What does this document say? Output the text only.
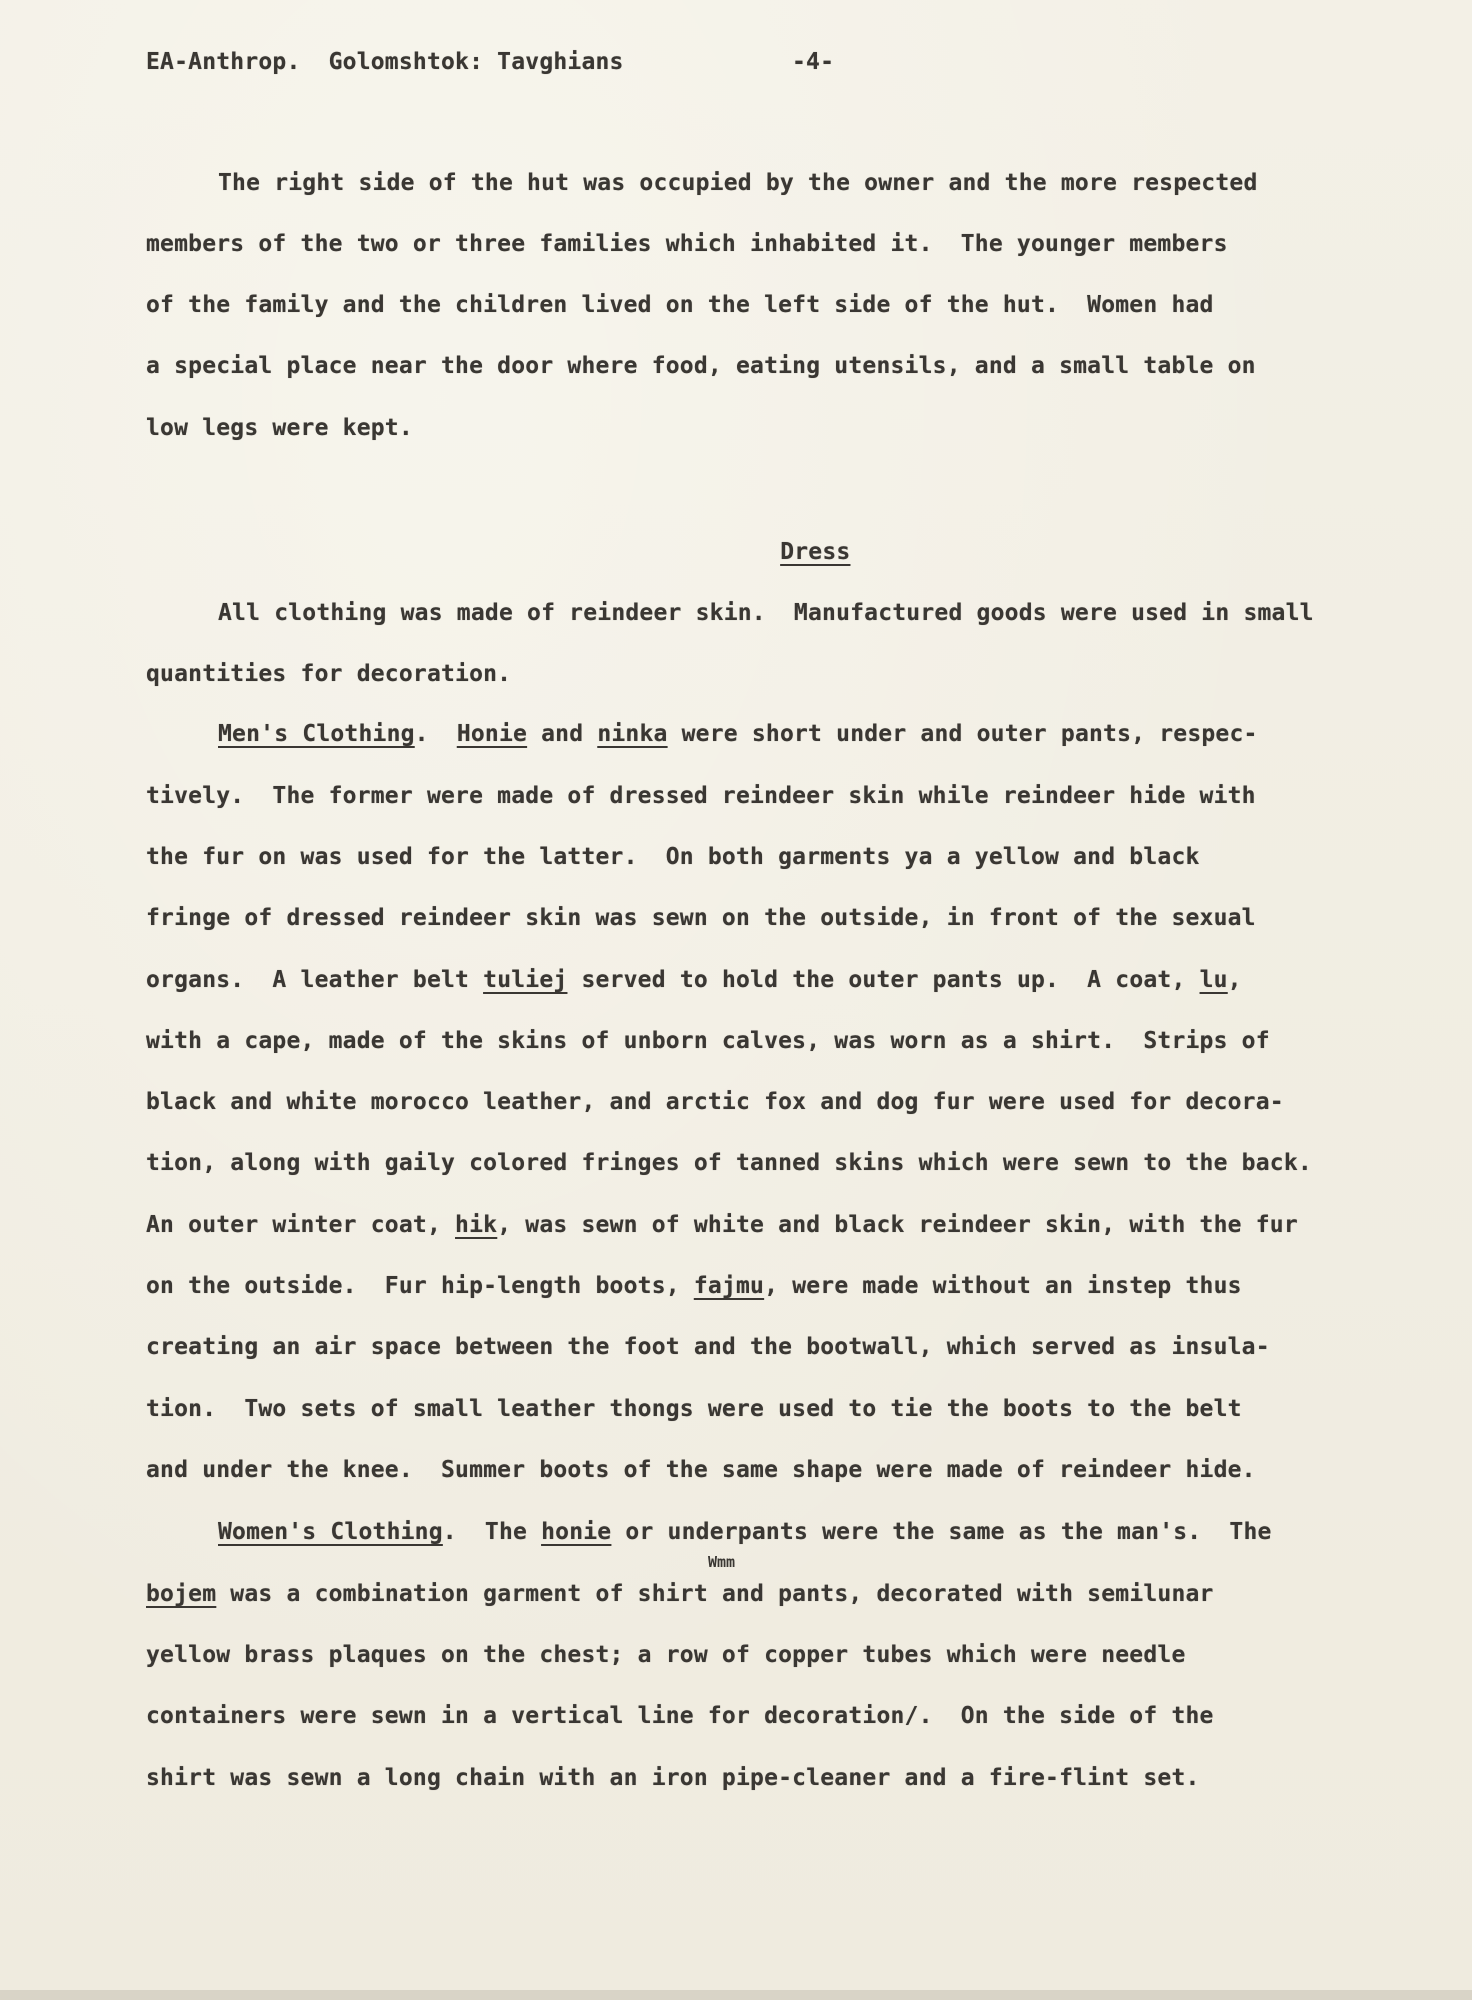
EA-Anthrop.  Golomshtok: Tavghians	-4-

The right side of the hut was occupied by the owner and the more respected

members of the two or three families which inhabited it.  The younger members

of the family and the children lived on the left side of the hut.  Women had

a special place near the door where food, eating utensils, and a small table on

low legs were kept.

Dress

All clothing was made of reindeer skin.  Manufactured goods were used in small

quantities for decoration.

Men's Clothing.  Honie and ninka were short under and outer pants, respec-

tively.  The former were made of dressed reindeer skin while reindeer hide with

the fur on was used for the latter.  On both garments ya a yellow and black

fringe of dressed reindeer skin was sewn on the outside, in front of the sexual

organs.  A leather belt tuliej served to hold the outer pants up.  A coat, lu,

with a cape, made of the skins of unborn calves, was worn as a shirt.  Strips of

black and white morocco leather, and arctic fox and dog fur were used for decora-

tion, along with gaily colored fringes of tanned skins which were sewn to the back.

An outer winter coat, hik, was sewn of white and black reindeer skin, with the fur

on the outside.  Fur hip-length boots, fajmu, were made without an instep thus

creating an air space between the foot and the bootwall, which served as insula-

tion.  Two sets of small leather thongs were used to tie the boots to the belt

and under the knee.  Summer boots of the same shape were made of reindeer hide.

Women's Clothing.  The honie or underpants were the same as the man's.  The

Wmm

bojem was a combination garment of shirt and pants, decorated with semilunar

yellow brass plaques on the chest; a row of copper tubes which were needle

containers were sewn in a vertical line for decoration/.  On the side of the

shirt was sewn a long chain with an iron pipe-cleaner and a fire-flint set.
